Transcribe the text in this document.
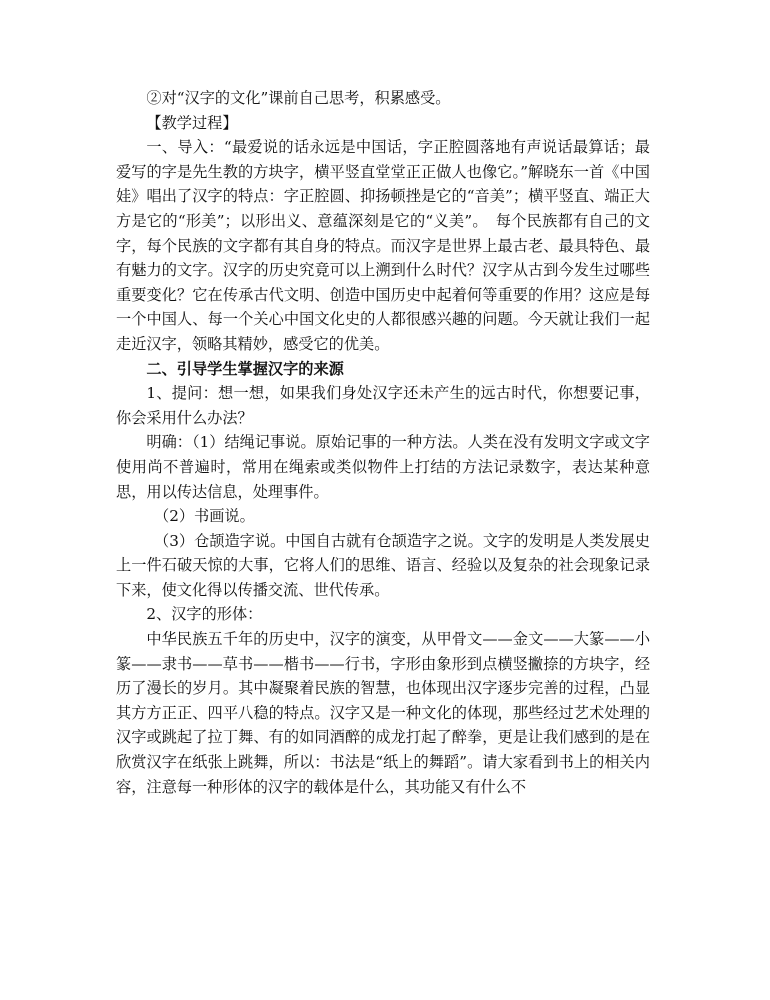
②对“汉字的文化”课前自己思考，积累感受。

【教学过程】

一、导入：“最爱说的话永远是中国话，字正腔圆落地有声说话最算话；最爱写的字是先生教的方块字，横平竖直堂堂正正做人也像它。”解晓东一首《中国娃》唱出了汉字的特点：字正腔圆、抑扬顿挫是它的“音美”；横平竖直、端正大方是它的“形美”；以形出义、意蕴深刻是它的“义美”。　每个民族都有自己的文字，每个民族的文字都有其自身的特点。而汉字是世界上最古老、最具特色、最有魅力的文字。汉字的历史究竟可以上溯到什么时代？汉字从古到今发生过哪些重要变化？它在传承古代文明、创造中国历史中起着何等重要的作用？这应是每一个中国人、每一个关心中国文化史的人都很感兴趣的问题。今天就让我们一起走近汉字，领略其精妙，感受它的优美。

二、引导学生掌握汉字的来源

1、提问：想一想，如果我们身处汉字还未产生的远古时代，你想要记事，你会采用什么办法？

明确：（1）结绳记事说。原始记事的一种方法。人类在没有发明文字或文字使用尚不普遍时，常用在绳索或类似物件上打结的方法记录数字，表达某种意思，用以传达信息，处理事件。

（2）书画说。

（3）仓颉造字说。中国自古就有仓颉造字之说。文字的发明是人类发展史上一件石破天惊的大事，它将人们的思维、语言、经验以及复杂的社会现象记录下来，使文化得以传播交流、世代传承。

2、汉字的形体：

中华民族五千年的历史中，汉字的演变，从甲骨文——金文——大篆——小篆——隶书——草书——楷书——行书，字形由象形到点横竖撇捺的方块字，经历了漫长的岁月。其中凝聚着民族的智慧，也体现出汉字逐步完善的过程，凸显其方方正正、四平八稳的特点。汉字又是一种文化的体现，那些经过艺术处理的汉字或跳起了拉丁舞、有的如同酒醉的成龙打起了醉拳，更是让我们感到的是在欣赏汉字在纸张上跳舞，所以：书法是“纸上的舞蹈”。请大家看到书上的相关内容，注意每一种形体的汉字的载体是什么，其功能又有什么不
